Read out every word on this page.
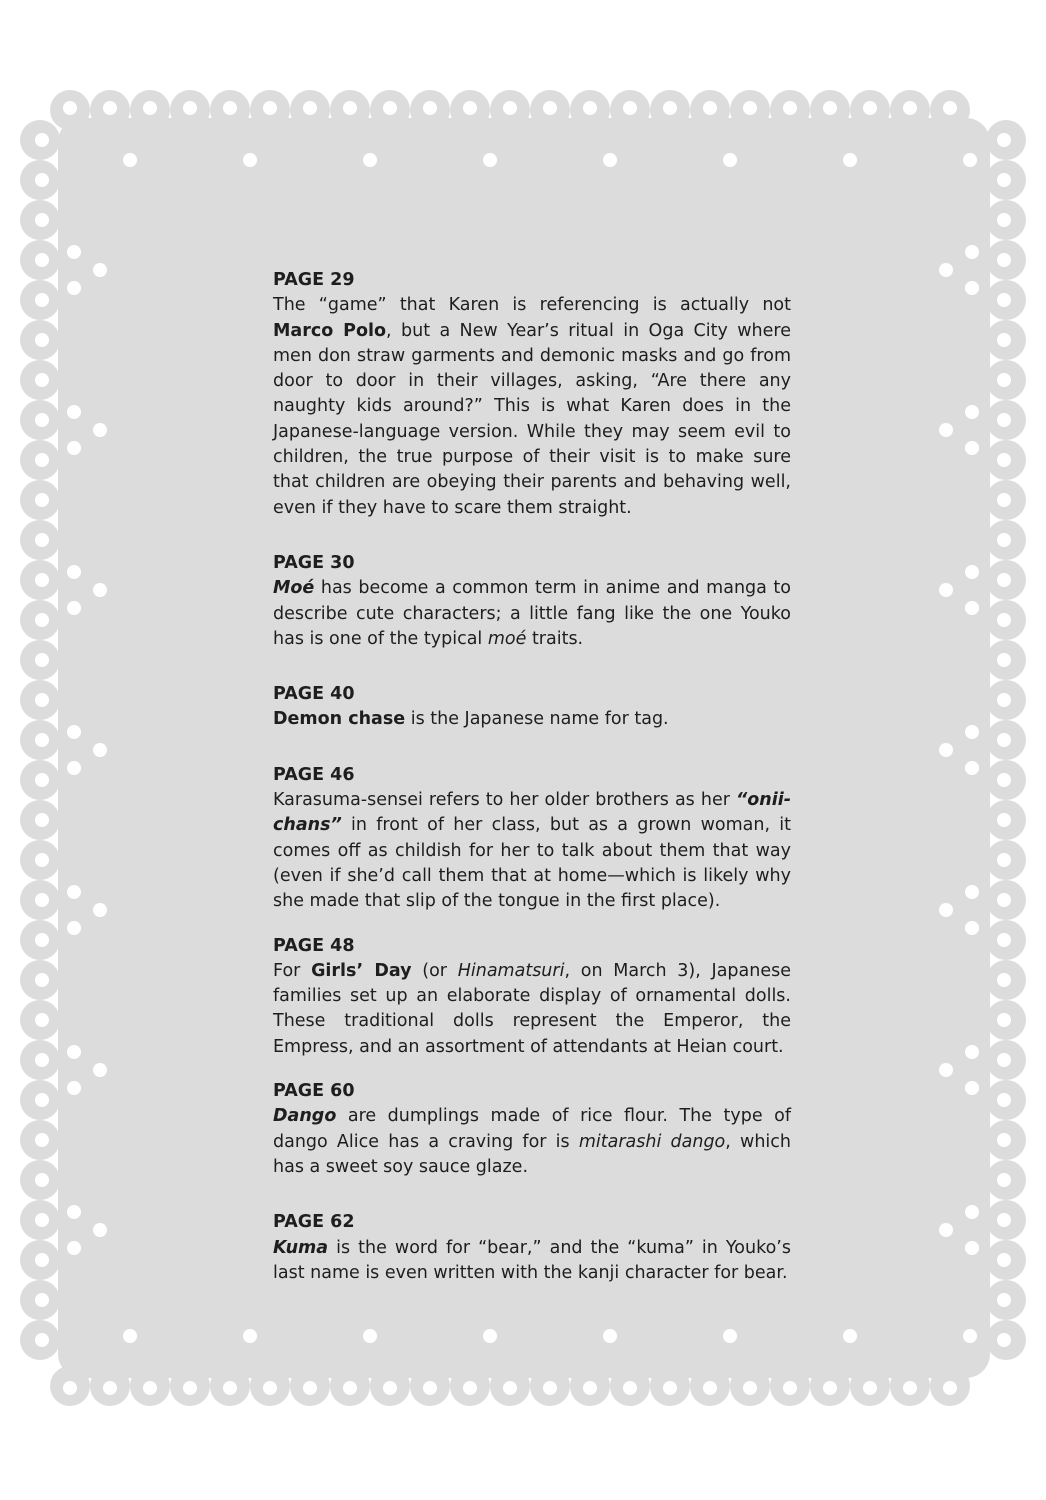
PAGE 29

The “game” that Karen is referencing is actually not Marco Polo, but a New Year’s ritual in Oga City where men don straw garments and demonic masks and go from door to door in their villages, asking, “Are there any naughty kids around?” This is what Karen does in the Japanese-language version. While they may seem evil to children, the true purpose of their visit is to make sure that children are obeying their parents and behaving well, even if they have to scare them straight.

PAGE 30

Moé has become a common term in anime and manga to describe cute characters; a little fang like the one Youko has is one of the typical moé traits.

PAGE 40

Demon chase is the Japanese name for tag.

PAGE 46

Karasuma-sensei refers to her older brothers as her “onii-chans” in front of her class, but as a grown woman, it comes off as childish for her to talk about them that way (even if she’d call them that at home—which is likely why she made that slip of the tongue in the first place).

PAGE 48

For Girls’ Day (or Hinamatsuri, on March 3), Japanese families set up an elaborate display of ornamental dolls. These traditional dolls represent the Emperor, the Empress, and an assortment of attendants at Heian court.

PAGE 60

Dango are dumplings made of rice flour. The type of dango Alice has a craving for is mitarashi dango, which has a sweet soy sauce glaze.

PAGE 62

Kuma is the word for “bear,” and the “kuma” in Youko’s last name is even written with the kanji character for bear.
